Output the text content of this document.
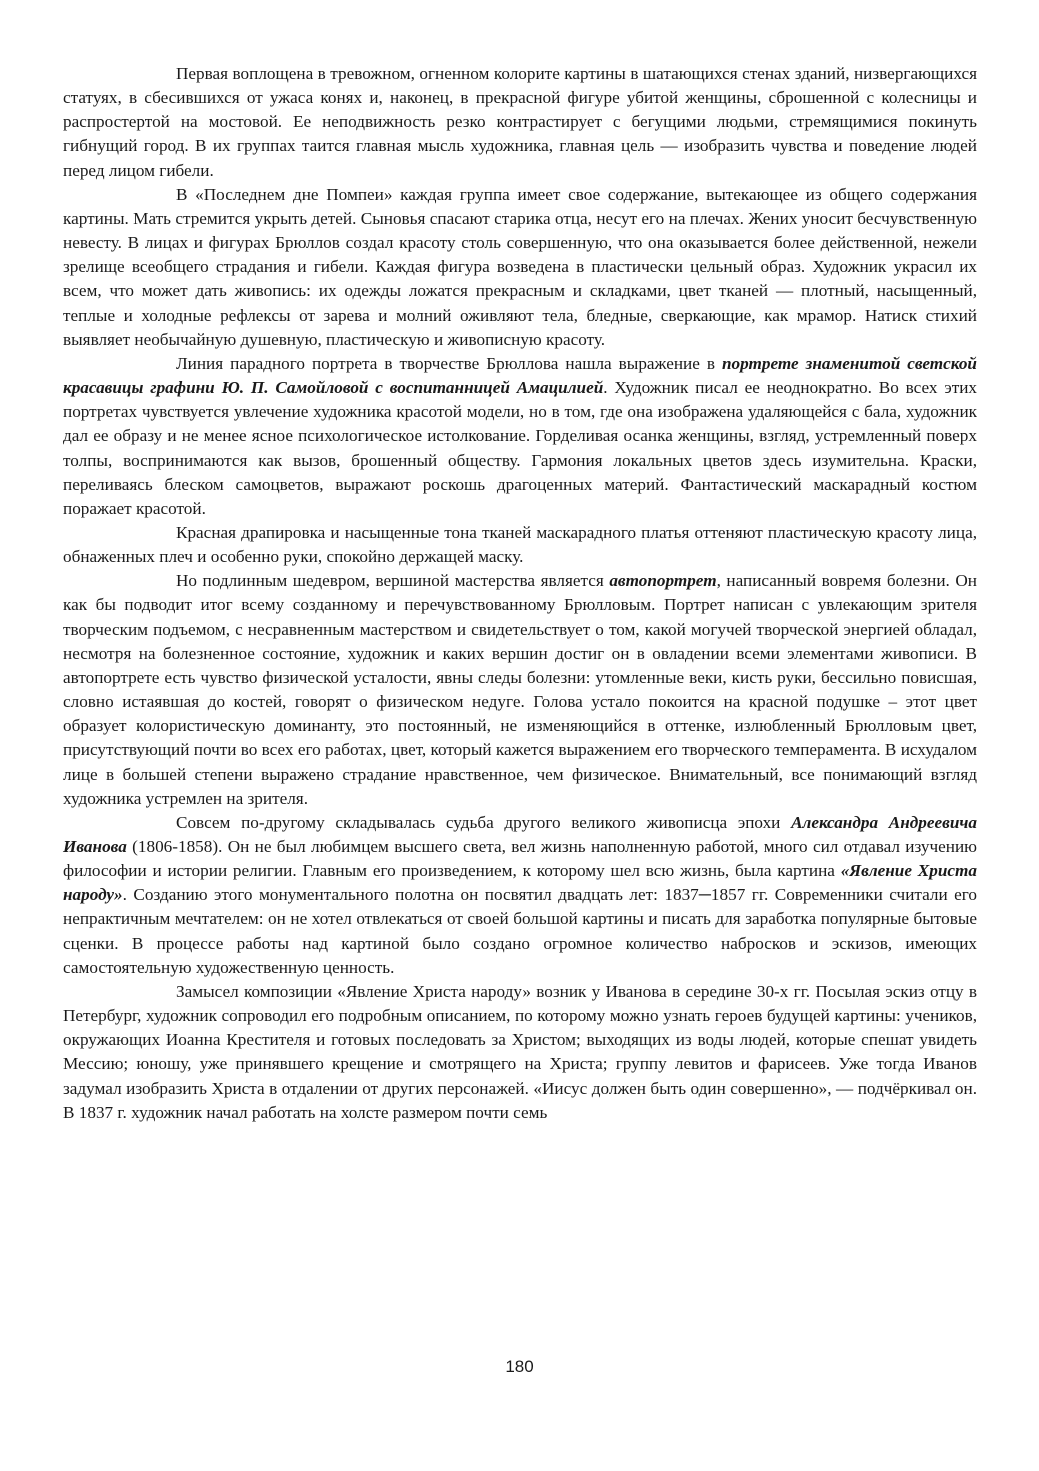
Первая воплощена в тревожном, огненном колорите картины в шатающихся стенах зданий, низвергающихся статуях, в сбесившихся от ужаса конях и, наконец, в прекрасной фигуре убитой женщины, сброшенной с колесницы и распростертой на мостовой. Ее неподвижность резко контрастирует с бегущими людьми, стремящимися покинуть гибнущий город. В их группах таится главная мысль художника, главная цель — изобразить чувства и поведение людей перед лицом гибели.

В «Последнем дне Помпеи» каждая группа имеет свое содержание, вытекающее из общего содержания картины. Мать стремится укрыть детей. Сыновья спасают старика отца, несут его на плечах. Жених уносит бесчувственную невесту. В лицах и фигурах Брюллов создал красоту столь совершенную, что она оказывается более действенной, нежели зрелище всеобщего страдания и гибели. Каждая фигура возведена в пластически цельный образ. Художник украсил их всем, что может дать живопись: их одежды ложатся прекрасным и складками, цвет тканей — плотный, насыщенный, теплые и холодные рефлексы от зарева и молний оживляют тела, бледные, сверкающие, как мрамор. Натиск стихий выявляет необычайную душевную, пластическую и живописную красоту.

Линия парадного портрета в творчестве Брюллова нашла выражение в портрете знаменитой светской красавицы графини Ю. П. Самойловой с воспитанницей Амацилией. Художник писал ее неоднократно. Во всех этих портретах чувствуется увлечение художника красотой модели, но в том, где она изображена удаляющейся с бала, художник дал ее образу и не менее ясное психологическое истолкование. Горделивая осанка женщины, взгляд, устремленный поверх толпы, воспринимаются как вызов, брошенный обществу. Гармония локальных цветов здесь изумительна. Краски, переливаясь блеском самоцветов, выражают роскошь драгоценных материй. Фантастический маскарадный костюм поражает красотой.

Красная драпировка и насыщенные тона тканей маскарадного платья оттеняют пластическую красоту лица, обнаженных плеч и особенно руки, спокойно держащей маску.

Но подлинным шедевром, вершиной мастерства является автопортрет, написанный вовремя болезни. Он как бы подводит итог всему созданному и перечувствованному Брюлловым. Портрет написан с увлекающим зрителя творческим подъемом, с несравненным мастерством и свидетельствует о том, какой могучей творческой энергией обладал, несмотря на болезненное состояние, художник и каких вершин достиг он в овладении всеми элементами живописи. В автопортрете есть чувство физической усталости, явны следы болезни: утомленные веки, кисть руки, бессильно повисшая, словно истаявшая до костей, говорят о физическом недуге. Голова устало покоится на красной подушке – этот цвет образует колористическую доминанту, это постоянный, не изменяющийся в оттенке, излюбленный Брюлловым цвет, присутствующий почти во всех его работах, цвет, который кажется выражением его творческого темперамента. В исхудалом лице в большей степени выражено страдание нравственное, чем физическое. Внимательный, все понимающий взгляд художника устремлен на зрителя.

Совсем по-другому складывалась судьба другого великого живописца эпохи Александра Андреевича Иванова (1806-1858). Он не был любимцем высшего света, вел жизнь наполненную работой, много сил отдавал изучению философии и истории религии. Главным его произведением, к которому шел всю жизнь, была картина «Явление Христа народу». Созданию этого монументального полотна он посвятил двадцать лет: 1837─1857 гг. Современники считали его непрактичным мечтателем: он не хотел отвлекаться от своей большой картины и писать для заработка популярные бытовые сценки. В процессе работы над картиной было создано огромное количество набросков и эскизов, имеющих самостоятельную художественную ценность.

Замысел композиции «Явление Христа народу» возник у Иванова в середине 30-х гг. Посылая эскиз отцу в Петербург, художник сопроводил его подробным описанием, по которому можно узнать героев будущей картины: учеников, окружающих Иоанна Крестителя и готовых последовать за Христом; выходящих из воды людей, которые спешат увидеть Мессию; юношу, уже принявшего крещение и смотрящего на Христа; группу левитов и фарисеев. Уже тогда Иванов задумал изобразить Христа в отдалении от других персонажей. «Иисус должен быть один совершенно», — подчёркивал он. В 1837 г. художник начал работать на холсте размером почти семь

180
